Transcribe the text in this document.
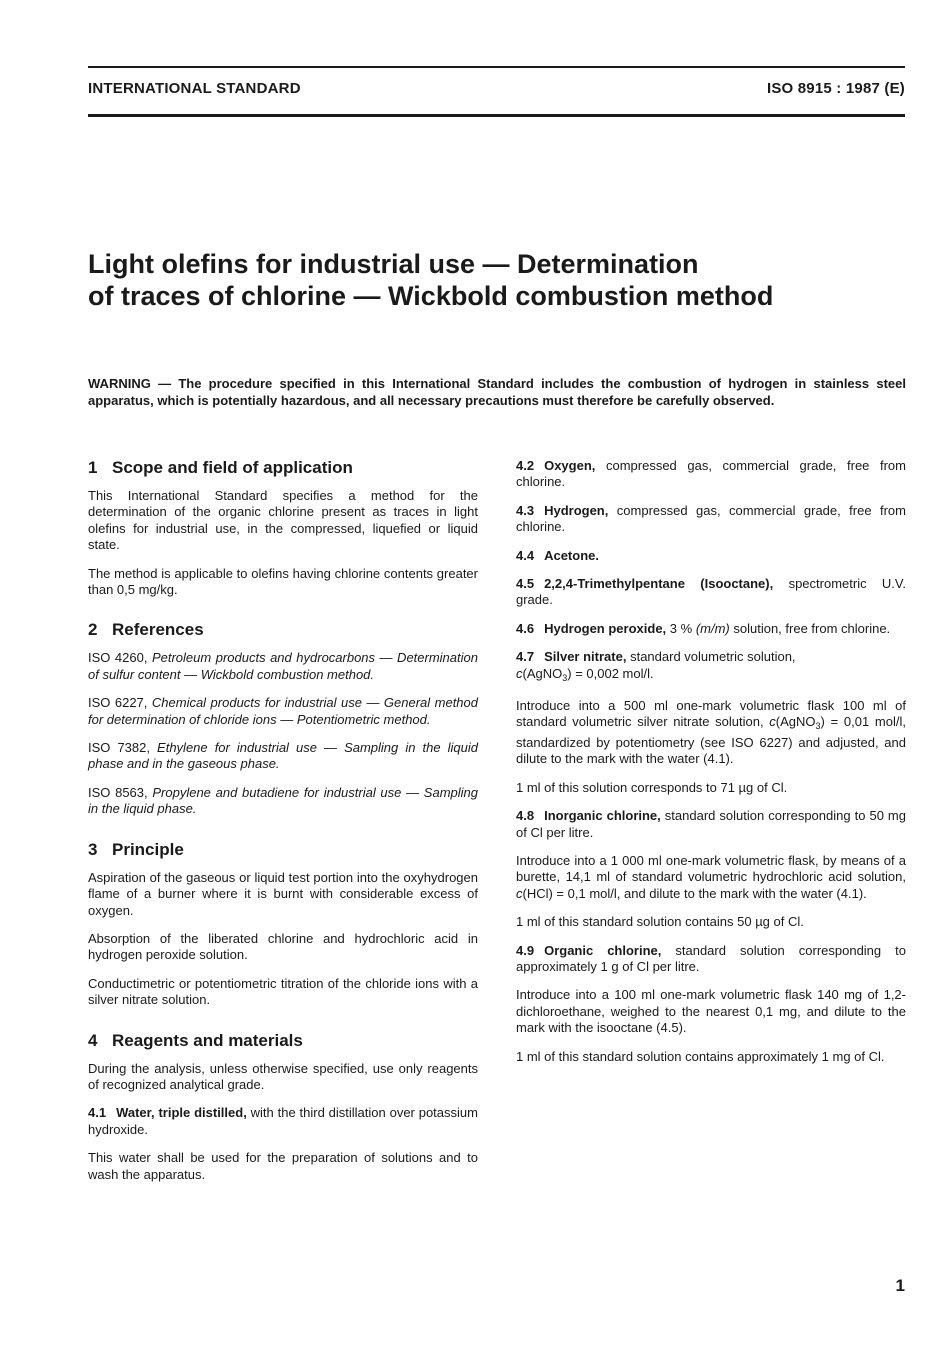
INTERNATIONAL STANDARD	ISO 8915 : 1987 (E)
Light olefins for industrial use — Determination
of traces of chlorine — Wickbold combustion method
WARNING — The procedure specified in this International Standard includes the combustion of hydrogen in stainless steel apparatus, which is potentially hazardous, and all necessary precautions must therefore be carefully observed.
1 Scope and field of application

This International Standard specifies a method for the determination of the organic chlorine present as traces in light olefins for industrial use, in the compressed, liquefied or liquid state.

The method is applicable to olefins having chlorine contents greater than 0,5 mg/kg.

2 References

ISO 4260, Petroleum products and hydrocarbons — Determination of sulfur content — Wickbold combustion method.

ISO 6227, Chemical products for industrial use — General method for determination of chloride ions — Potentiometric method.

ISO 7382, Ethylene for industrial use — Sampling in the liquid phase and in the gaseous phase.

ISO 8563, Propylene and butadiene for industrial use — Sampling in the liquid phase.

3 Principle

Aspiration of the gaseous or liquid test portion into the oxyhydrogen flame of a burner where it is burnt with considerable excess of oxygen.

Absorption of the liberated chlorine and hydrochloric acid in hydrogen peroxide solution.

Conductimetric or potentiometric titration of the chloride ions with a silver nitrate solution.

4 Reagents and materials

During the analysis, unless otherwise specified, use only reagents of recognized analytical grade.

4.1 Water, triple distilled, with the third distillation over potassium hydroxide.

This water shall be used for the preparation of solutions and to wash the apparatus.

4.2 Oxygen, compressed gas, commercial grade, free from chlorine.

4.3 Hydrogen, compressed gas, commercial grade, free from chlorine.

4.4 Acetone.

4.5 2,2,4-Trimethylpentane (Isooctane), spectrometric U.V. grade.

4.6 Hydrogen peroxide, 3 % (m/m) solution, free from chlorine.

4.7 Silver nitrate, standard volumetric solution,
c(AgNO$_3$) = 0,002 mol/l.

Introduce into a 500 ml one-mark volumetric flask 100 ml of standard volumetric silver nitrate solution, c(AgNO$_3$) = 0,01 mol/l, standardized by potentiometry (see ISO 6227) and adjusted, and dilute to the mark with the water (4.1).

1 ml of this solution corresponds to 71 µg of Cl.

4.8 Inorganic chlorine, standard solution corresponding to 50 mg of Cl per litre.

Introduce into a 1 000 ml one-mark volumetric flask, by means of a burette, 14,1 ml of standard volumetric hydrochloric acid solution, c(HCl) = 0,1 mol/l, and dilute to the mark with the water (4.1).

1 ml of this standard solution contains 50 µg of Cl.

4.9 Organic chlorine, standard solution corresponding to approximately 1 g of Cl per litre.

Introduce into a 100 ml one-mark volumetric flask 140 mg of 1,2-dichloroethane, weighed to the nearest 0,1 mg, and dilute to the mark with the isooctane (4.5).

1 ml of this standard solution contains approximately 1 mg of Cl.

1
